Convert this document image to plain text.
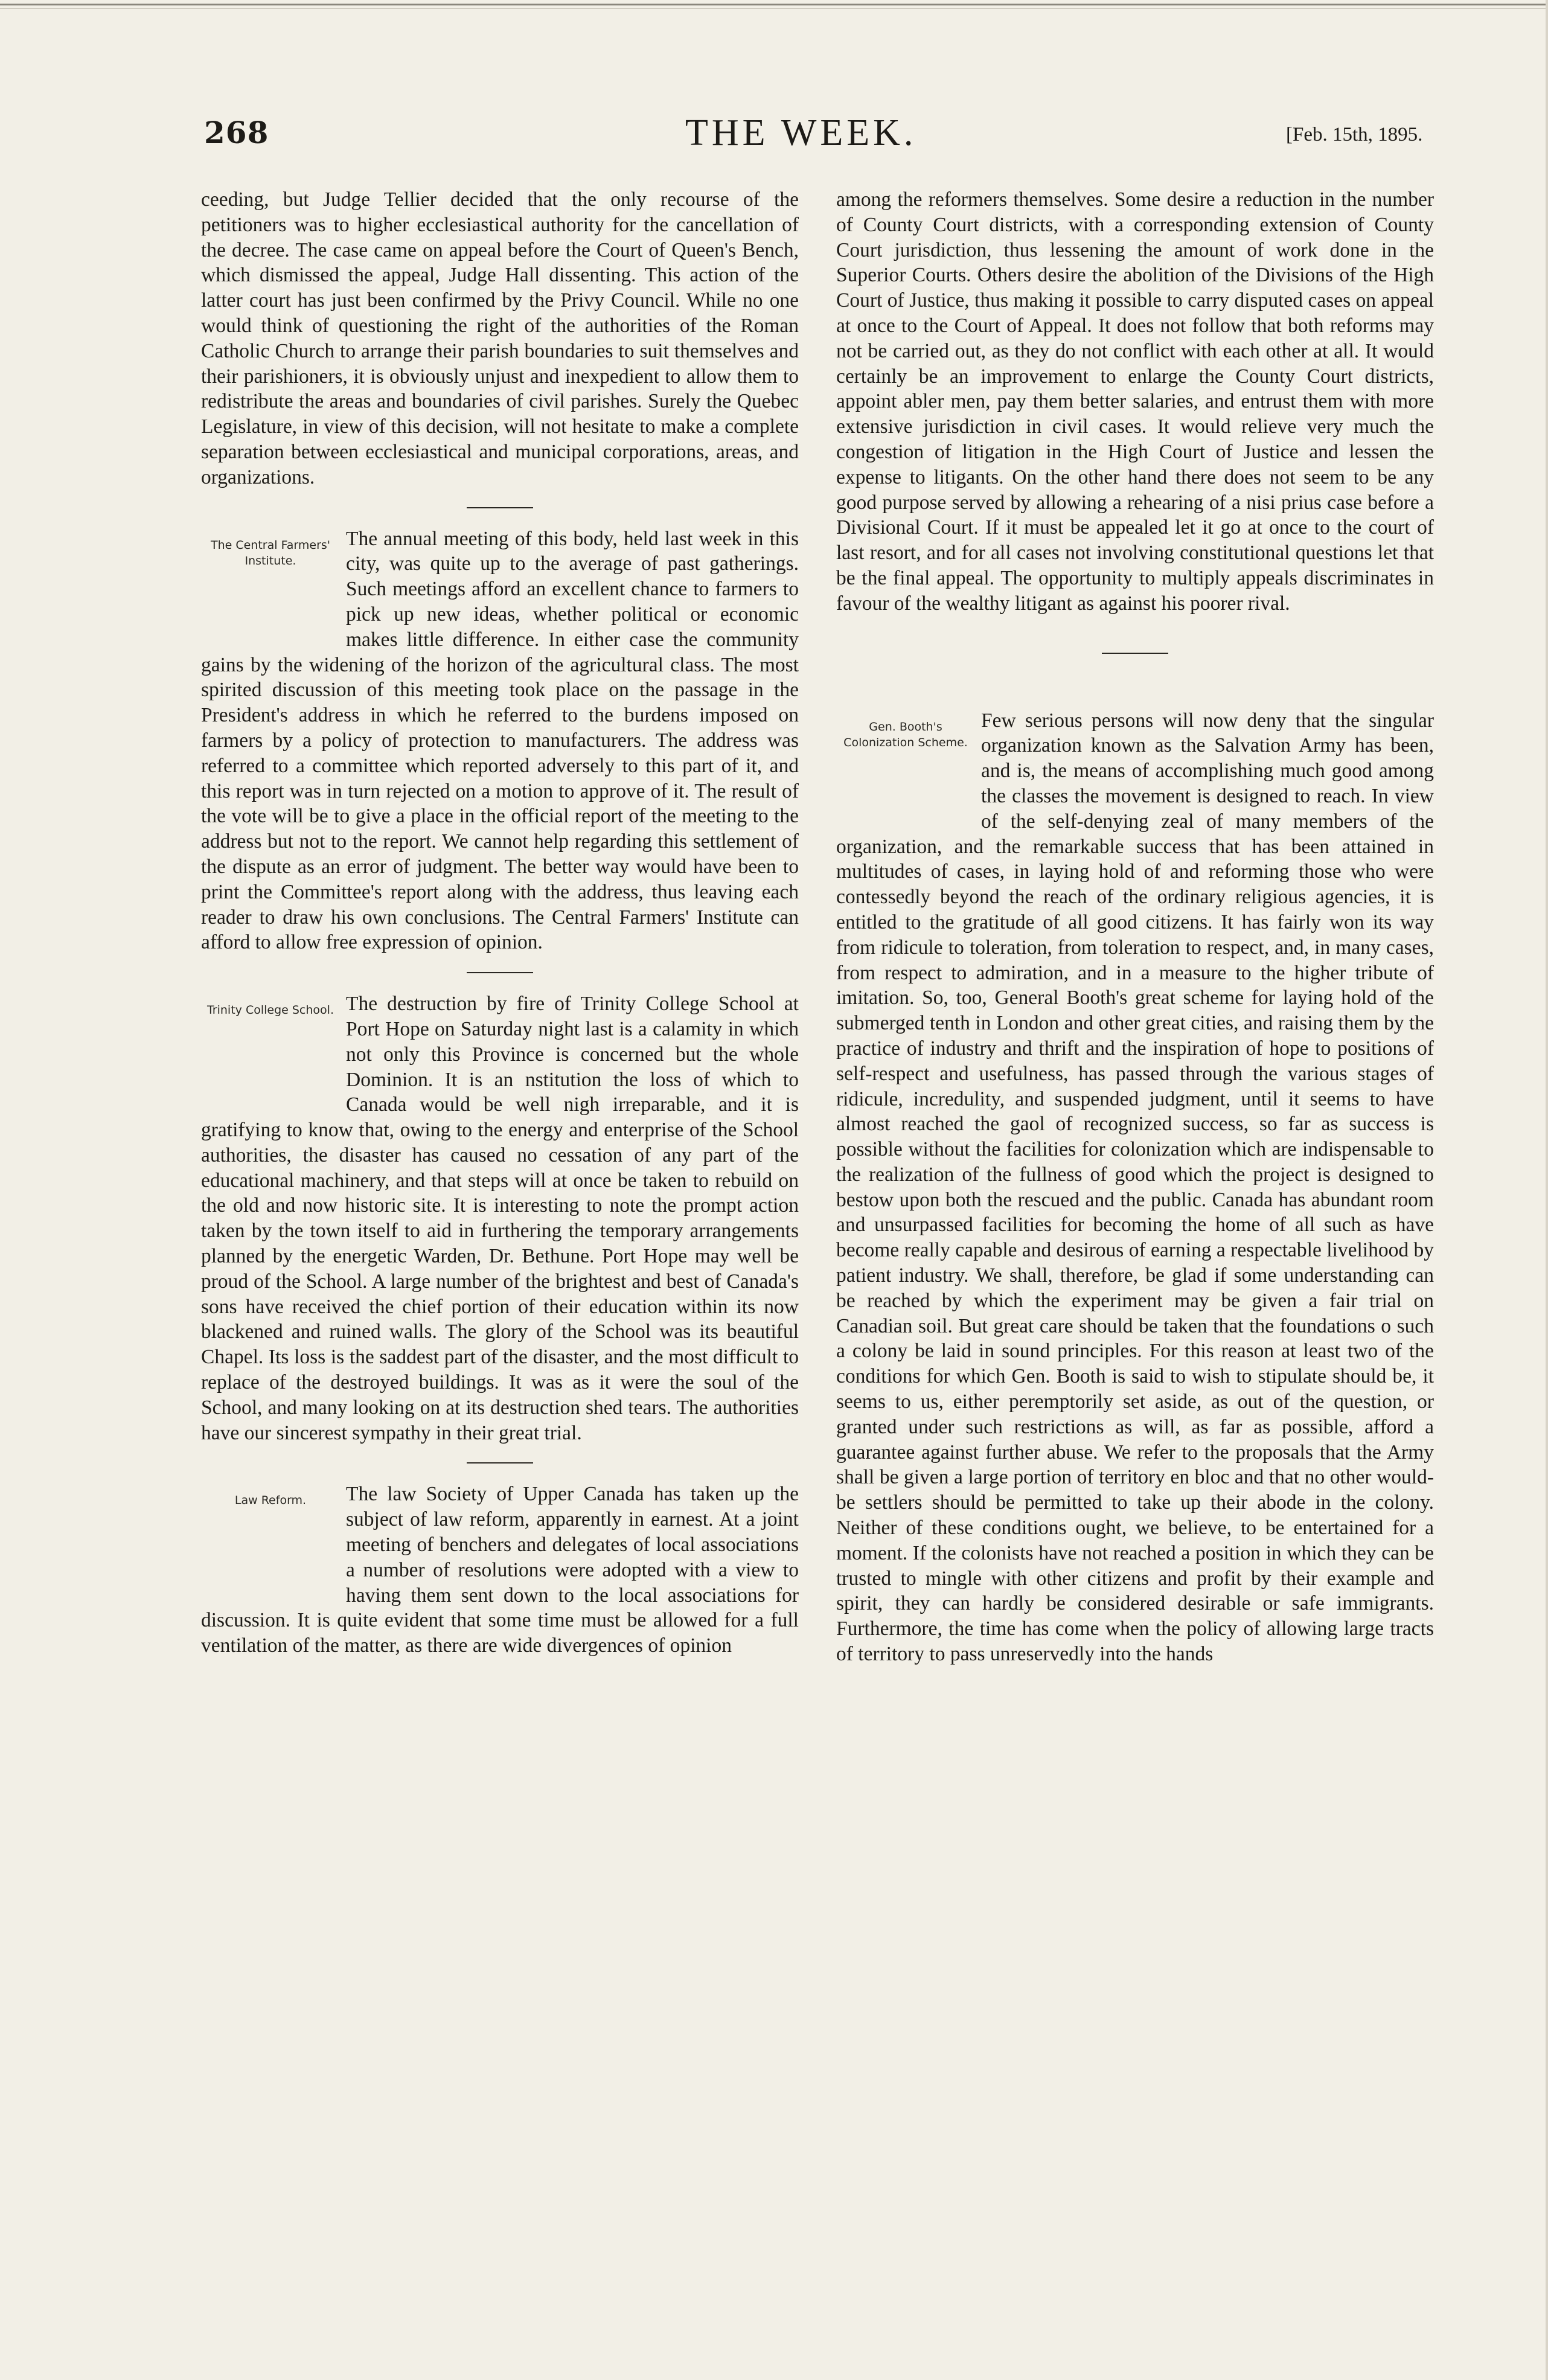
268	THE WEEK.	[Feb. 15th, 1895.

ceeding, but Judge Tellier decided that the only recourse of the petitioners was to higher ecclesiastical authority for the cancellation of the decree. The case came on appeal before the Court of Queen's Bench, which dismissed the appeal, Judge Hall dissenting. This action of the latter court has just been confirmed by the Privy Council. While no one would think of questioning the right of the authorities of the Roman Catholic Church to arrange their parish boundaries to suit themselves and their parishioners, it is obviously unjust and inexpedient to allow them to redistribute the areas and boundaries of civil parishes. Surely the Quebec Legislature, in view of this decision, will not hesitate to make a complete separation between ecclesiastical and municipal corporations, areas, and organizations.

The Central Farmers' Institute.

The annual meeting of this body, held last week in this city, was quite up to the average of past gatherings. Such meetings afford an excellent chance to farmers to pick up new ideas, whether political or economic makes little difference. In either case the community gains by the widening of the horizon of the agricultural class. The most spirited discussion of this meeting took place on the passage in the President's address in which he referred to the burdens imposed on farmers by a policy of protection to manufacturers. The address was referred to a committee which reported adversely to this part of it, and this report was in turn rejected on a motion to approve of it. The result of the vote will be to give a place in the official report of the meeting to the address but not to the report. We cannot help regarding this settlement of the dispute as an error of judgment. The better way would have been to print the Committee's report along with the address, thus leaving each reader to draw his own conclusions. The Central Farmers' Institute can afford to allow free expression of opinion.

Trinity College School. The destruction by fire of Trinity College School at Port Hope on Saturday night last is a calamity in which not only this Province is concerned but the whole Dominion. It is an nstitution the loss of which to Canada would be well nigh irreparable, and it is gratifying to know that, owing to the energy and enterprise of the School authorities, the disaster has caused no cessation of any part of the educational machinery, and that steps will at once be taken to rebuild on the old and now historic site. It is interesting to note the prompt action taken by the town itself to aid in furthering the temporary arrangements planned by the energetic Warden, Dr. Bethune. Port Hope may well be proud of the School. A large number of the brightest and best of Canada's sons have received the chief portion of their education within its now blackened and ruined walls. The glory of the School was its beautiful Chapel. Its loss is the saddest part of the disaster, and the most difficult to replace of the destroyed buildings. It was as it were the soul of the School, and many looking on at its destruction shed tears. The authorities have our sincerest sympathy in their great trial.

Law Reform.	The law Society of Upper Canada has taken up the subject of law reform, apparently in earnest. At a joint meeting of benchers and delegates of local associations a number of resolutions were adopted with a view to having them sent down to the local associations for discussion. It is quite evident that some time must be allowed for a full ventilation of the matter, as there are wide divergences of opinion

among the reformers themselves. Some desire a reduction in the number of County Court districts, with a corresponding extension of County Court jurisdiction, thus lessening the amount of work done in the Superior Courts. Others desire the abolition of the Divisions of the High Court of Justice, thus making it possible to carry disputed cases on appeal at once to the Court of Appeal. It does not follow that both reforms may not be carried out, as they do not conflict with each other at all. It would certainly be an improvement to enlarge the County Court districts, appoint abler men, pay them better salaries, and entrust them with more extensive jurisdiction in civil cases. It would relieve very much the congestion of litigation in the High Court of Justice and lessen the expense to litigants. On the other hand there does not seem to be any good purpose served by allowing a rehearing of a nisi prius case before a Divisional Court. If it must be appealed let it go at once to the court of last resort, and for all cases not involving constitutional questions let that be the final appeal. The opportunity to multiply appeals discriminates in favour of the wealthy litigant as against his poorer rival.

Gen. Booth's Colonization Scheme.

Few serious persons will now deny that the singular organization known as the Salvation Army has been, and is, the means of accomplishing much good among the classes the movement is designed to reach. In view of the self-denying zeal of many members of the organization, and the remarkable success that has been attained in multitudes of cases, in laying hold of and reforming those who were contessedly beyond the reach of the ordinary religious agencies, it is entitled to the gratitude of all good citizens. It has fairly won its way from ridicule to toleration, from toleration to respect, and, in many cases, from respect to admiration, and in a measure to the higher tribute of imitation. So, too, General Booth's great scheme for laying hold of the submerged tenth in London and other great cities, and raising them by the practice of industry and thrift and the inspiration of hope to positions of self-respect and usefulness, has passed through the various stages of ridicule, incredulity, and suspended judgment, until it seems to have almost reached the gaol of recognized success, so far as success is possible without the facilities for colonization which are indispensable to the realization of the fullness of good which the project is designed to bestow upon both the rescued and the public. Canada has abundant room and unsurpassed facilities for becoming the home of all such as have become really capable and desirous of earning a respectable livelihood by patient industry. We shall, therefore, be glad if some understanding can be reached by which the experiment may be given a fair trial on Canadian soil. But great care should be taken that the foundations o such a colony be laid in sound principles. For this reason at least two of the conditions for which Gen. Booth is said to wish to stipulate should be, it seems to us, either peremptorily set aside, as out of the question, or granted under such restrictions as will, as far as possible, afford a guarantee against further abuse. We refer to the proposals that the Army shall be given a large portion of territory en bloc and that no other would-be settlers should be permitted to take up their abode in the colony. Neither of these conditions ought, we believe, to be entertained for a moment. If the colonists have not reached a position in which they can be trusted to mingle with other citizens and profit by their example and spirit, they can hardly be considered desirable or safe immigrants. Furthermore, the time has come when the policy of allowing large tracts of territory to pass unreservedly into the hands
